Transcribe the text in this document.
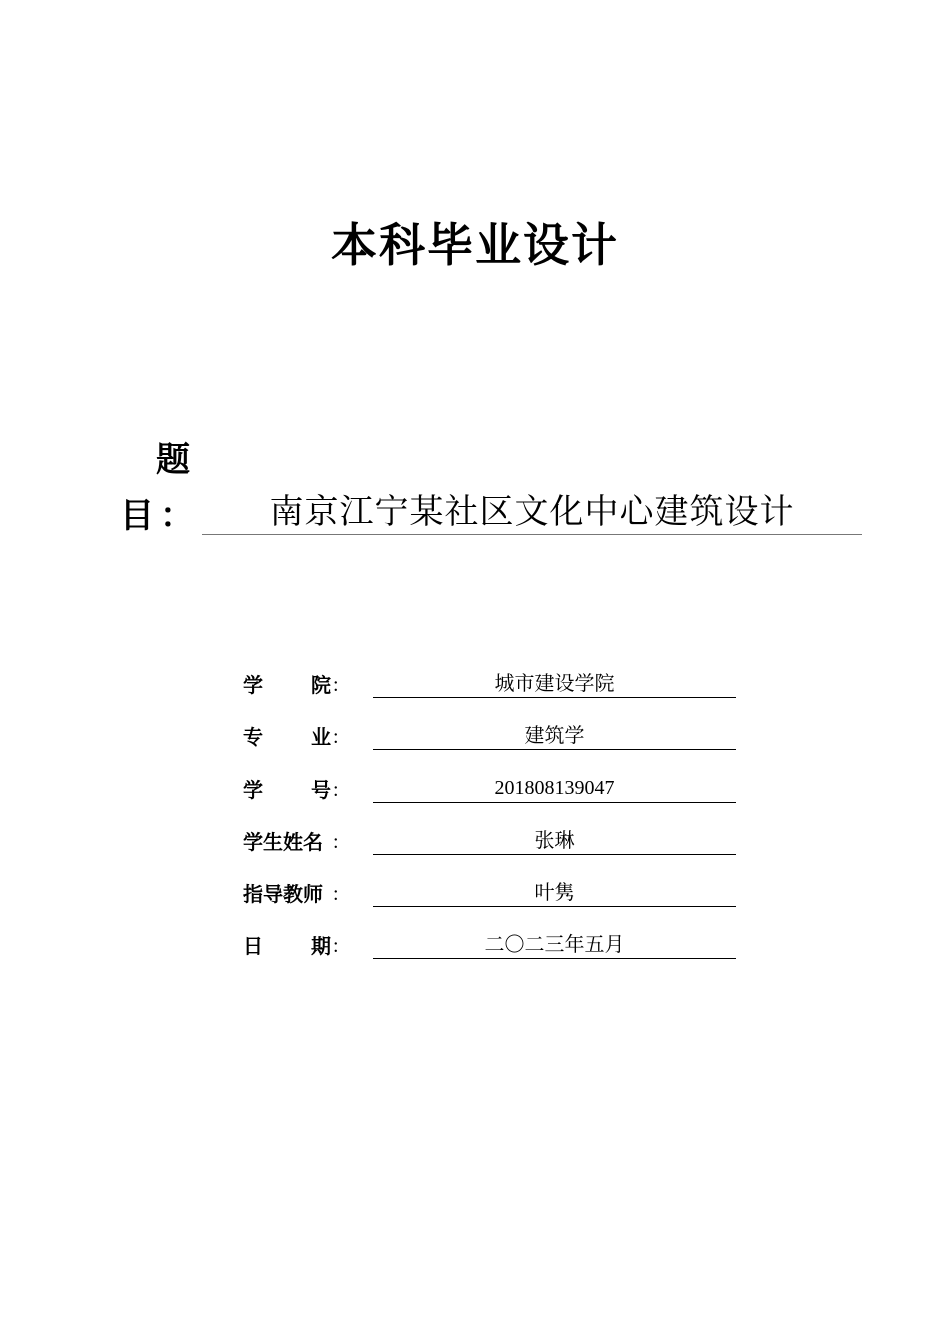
本科毕业设计
题
目：	南京江宁某社区文化中心建筑设计
学 院 :	城市建设学院
专 业 :	建筑学
学 号 :	201808139047
学生姓名 :	张琳
指导教师 :	叶隽
日 期 :	二〇二三年五月
